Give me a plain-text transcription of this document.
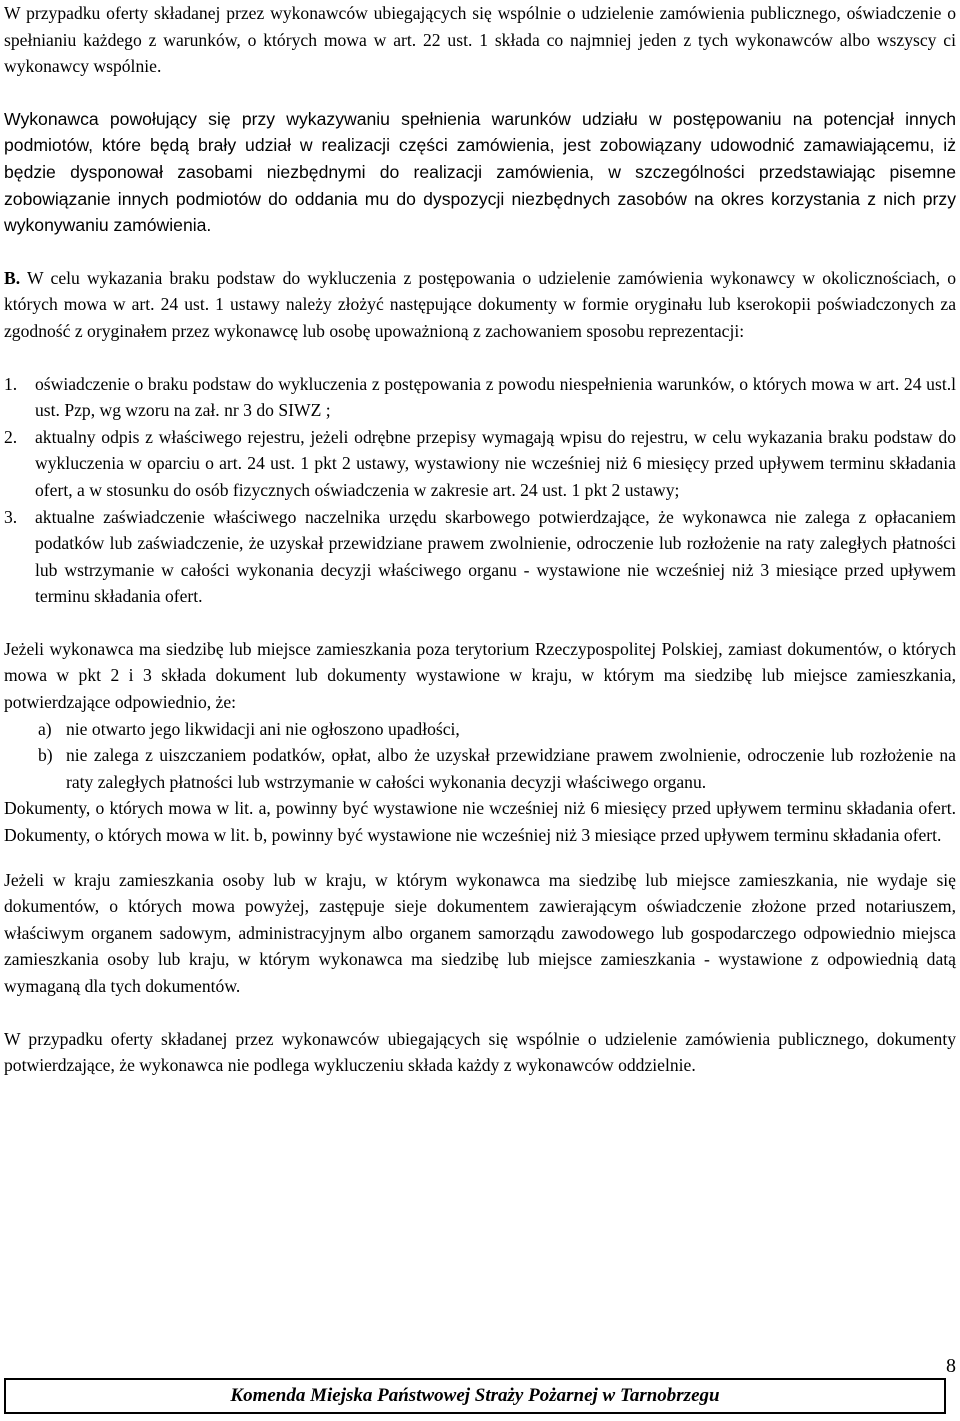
W przypadku oferty składanej przez wykonawców ubiegających się wspólnie o udzielenie zamówienia publicznego, oświadczenie o spełnianiu każdego z warunków, o których mowa w art. 22 ust. 1 składa co najmniej jeden z tych wykonawców albo wszyscy ci wykonawcy wspólnie.

Wykonawca powołujący się przy wykazywaniu spełnienia warunków udziału w postępowaniu na potencjał innych podmiotów, które będą brały udział w realizacji części zamówienia, jest zobowiązany udowodnić zamawiającemu, iż będzie dysponował zasobami niezbędnymi do realizacji zamówienia, w szczególności przedstawiając pisemne zobowiązanie innych podmiotów do oddania mu do dyspozycji niezbędnych zasobów na okres korzystania z nich przy wykonywaniu zamówienia.

B. W celu wykazania braku podstaw do wykluczenia z postępowania o udzielenie zamówienia wykonawcy w okolicznościach, o których mowa w art. 24 ust. 1 ustawy należy złożyć następujące dokumenty w formie oryginału lub kserokopii poświadczonych za zgodność z oryginałem przez wykonawcę lub osobę upoważnioną z zachowaniem sposobu reprezentacji:

1.	oświadczenie o braku podstaw do wykluczenia z postępowania z powodu niespełnienia warunków, o których mowa w art. 24 ust.l ust. Pzp, wg wzoru na zał. nr 3 do SIWZ ;
2.	aktualny odpis z właściwego rejestru, jeżeli odrębne przepisy wymagają wpisu do rejestru, w celu wykazania braku podstaw do wykluczenia w oparciu o art. 24 ust. 1 pkt 2 ustawy, wystawiony nie wcześniej niż 6 miesięcy przed upływem terminu składania ofert, a w stosunku do osób fizycznych oświadczenia w zakresie art. 24 ust. 1 pkt 2 ustawy;
3.	aktualne zaświadczenie właściwego naczelnika urzędu skarbowego potwierdzające, że wykonawca nie zalega z opłacaniem podatków lub zaświadczenie, że uzyskał przewidziane prawem zwolnienie, odroczenie lub rozłożenie na raty zaległych płatności lub wstrzymanie w całości wykonania decyzji właściwego organu - wystawione nie wcześniej niż 3 miesiące przed upływem terminu składania ofert.

Jeżeli wykonawca ma siedzibę lub miejsce zamieszkania poza terytorium Rzeczypospolitej Polskiej, zamiast dokumentów, o których mowa w pkt 2 i 3 składa dokument lub dokumenty wystawione w kraju, w którym ma siedzibę lub miejsce zamieszkania, potwierdzające odpowiednio, że:

a) nie otwarto jego likwidacji ani nie ogłoszono upadłości,
b) nie zalega z uiszczaniem podatków, opłat, albo że uzyskał przewidziane prawem zwolnienie, odroczenie lub rozłożenie na raty zaległych płatności lub wstrzymanie w całości wykonania decyzji właściwego organu.

Dokumenty, o których mowa w lit. a, powinny być wystawione nie wcześniej niż 6 miesięcy przed upływem terminu składania ofert. Dokumenty, o których mowa w lit. b, powinny być wystawione nie wcześniej niż 3 miesiące przed upływem terminu składania ofert.

Jeżeli w kraju zamieszkania osoby lub w kraju, w którym wykonawca ma siedzibę lub miejsce zamieszkania, nie wydaje się dokumentów, o których mowa powyżej, zastępuje sieje dokumentem zawierającym oświadczenie złożone przed notariuszem, właściwym organem sadowym, administracyjnym albo organem samorządu zawodowego lub gospodarczego odpowiednio miejsca zamieszkania osoby lub kraju, w którym wykonawca ma siedzibę lub miejsce zamieszkania - wystawione z odpowiednią datą wymaganą dla tych dokumentów.

W przypadku oferty składanej przez wykonawców ubiegających się wspólnie o udzielenie zamówienia publicznego, dokumenty potwierdzające, że wykonawca nie podlega wykluczeniu składa każdy z wykonawców oddzielnie.

8
Komenda Miejska Państwowej Straży Pożarnej w Tarnobrzegu
